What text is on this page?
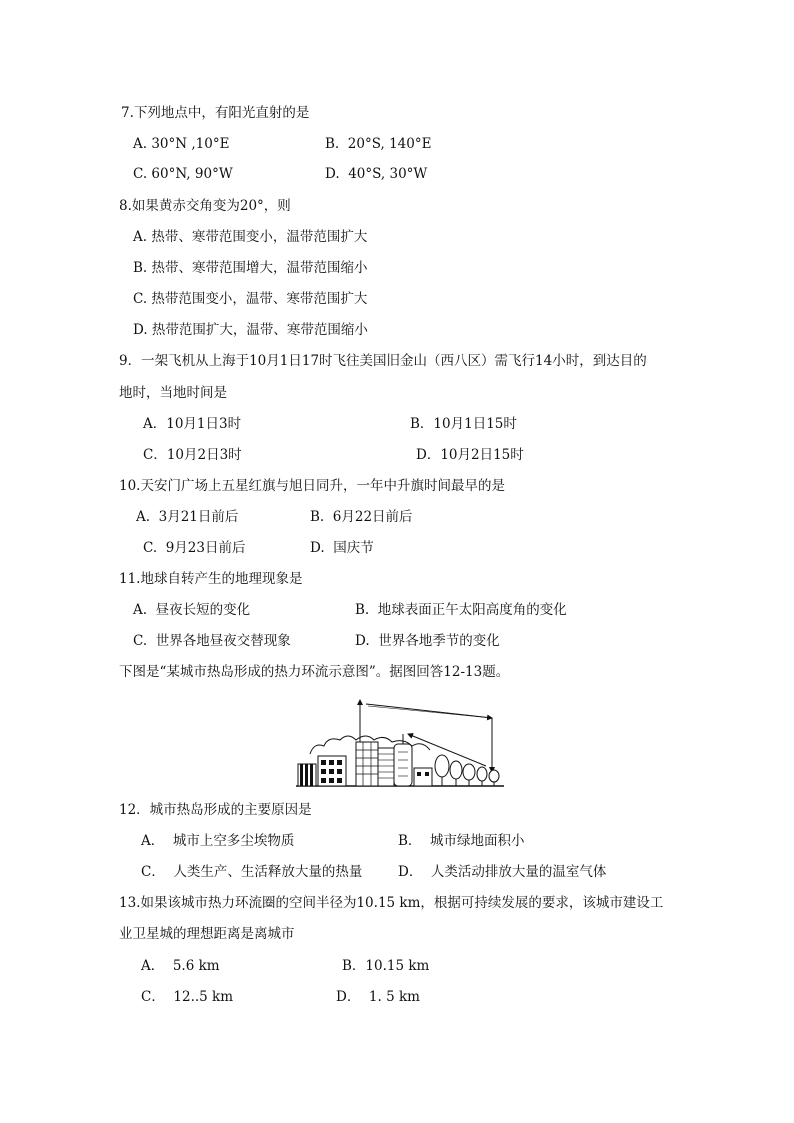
7.下列地点中，有阳光直射的是
A. 30°N ,10°E	B.  20°S, 140°E
C. 60°N, 90°W	D.  40°S, 30°W
8.如果黄赤交角变为20°，则
A. 热带、寒带范围变小，温带范围扩大
B. 热带、寒带范围增大，温带范围缩小
C. 热带范围变小，温带、寒带范围扩大
D. 热带范围扩大，温带、寒带范围缩小
9．一架飞机从上海于10月1日17时飞往美国旧金山（西八区）需飞行14小时，到达目的
地时，当地时间是
A．10月1日3时	B．10月1日15时
C．10月2日3时	D．10月2日15时
10.天安门广场上五星红旗与旭日同升，一年中升旗时间最早的是
A.  3月21日前后	B.  6月22日前后
C.  9月23日前后	D.  国庆节
11.地球自转产生的地理现象是
A.  昼夜长短的变化	B.  地球表面正午太阳高度角的变化
C.  世界各地昼夜交替现象	D.  世界各地季节的变化
下图是“某城市热岛形成的热力环流示意图”。据图回答12-13题。
12．城市热岛形成的主要原因是
A．  城市上空多尘埃物质	B．  城市绿地面积小
C．  人类生产、生活释放大量的热量	D．  人类活动排放大量的温室气体
13.如果该城市热力环流圈的空间半径为10.15 km，根据可持续发展的要求，该城市建设工
业卫星城的理想距离是离城市
A．  5.6 km	B．10.15 km
C．  12..5 km	D．  1. 5 km
